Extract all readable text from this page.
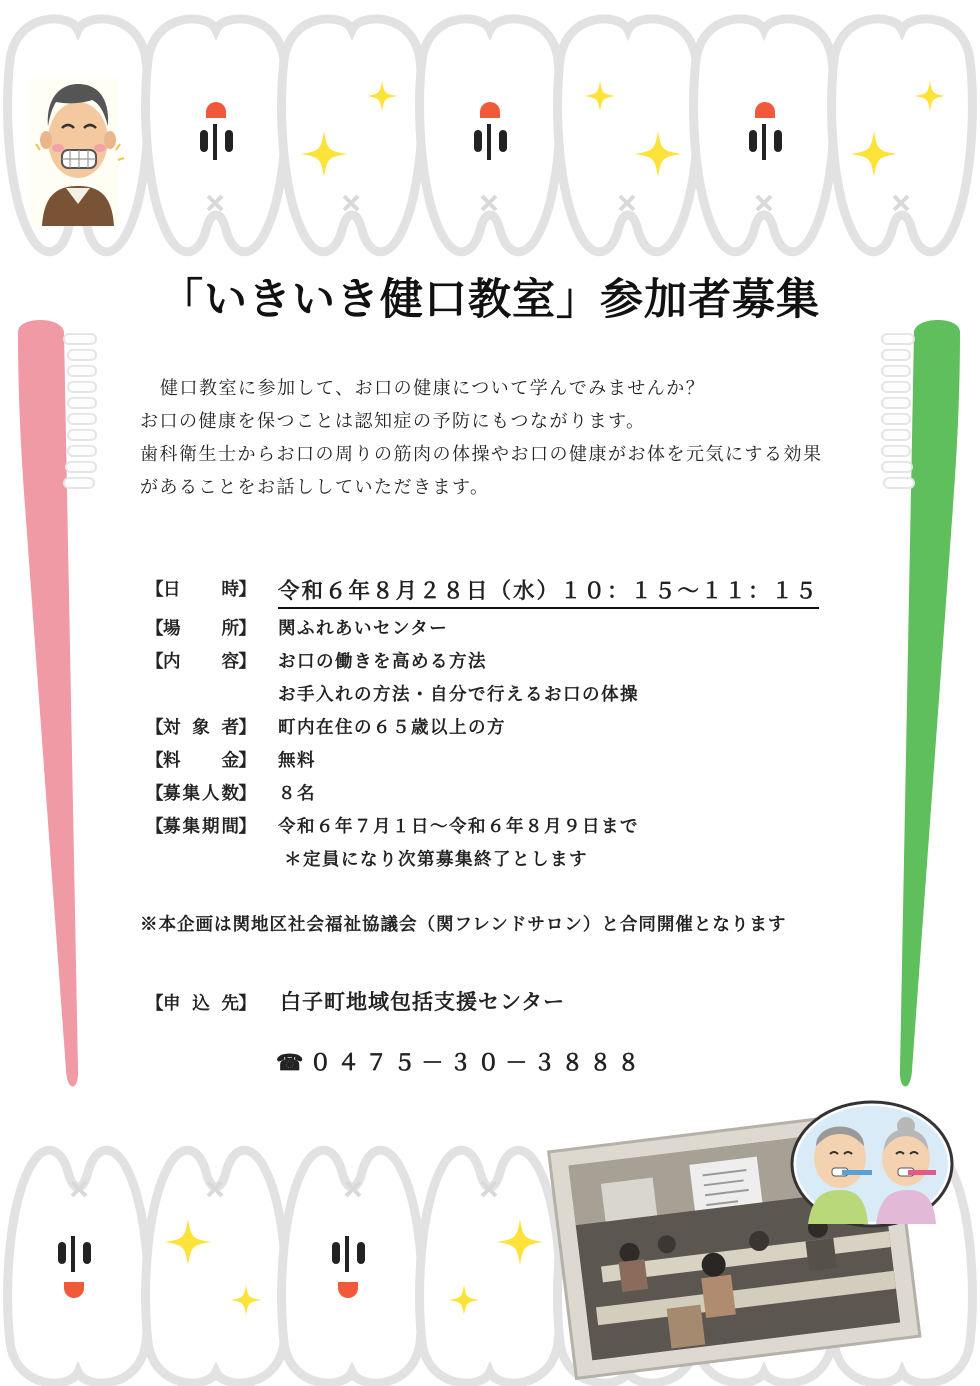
「いきいき健口教室」参加者募集

健口教室に参加して、お口の健康について学んでみませんか？

お口の健康を保つことは認知症の予防にもつながります。

歯科衛生士からお口の周りの筋肉の体操やお口の健康がお体を元気にする効果

があることをお話ししていただきます。

【 日 時 】 令和６年８月２８日（水）１０：１５～１１：１５
【 場 所 】 関ふれあいセンター
【 内 容 】 お口の働きを高める方法
お手入れの方法・自分で行えるお口の体操
【 対 象 者 】 町内在住の６５歳以上の方
【 料 金 】 無料
【 募 集 人 数 】 ８名
【 募 集 期 間 】 令和６年７月１日～令和６年８月９日まで
＊定員になり次第募集終了とします
※本企画は関地区社会福祉協議会（関フレンドサロン）と合同開催となります
【 申 込 先 】 白子町地域包括支援センター
☎０４７５－３０－３８８８
